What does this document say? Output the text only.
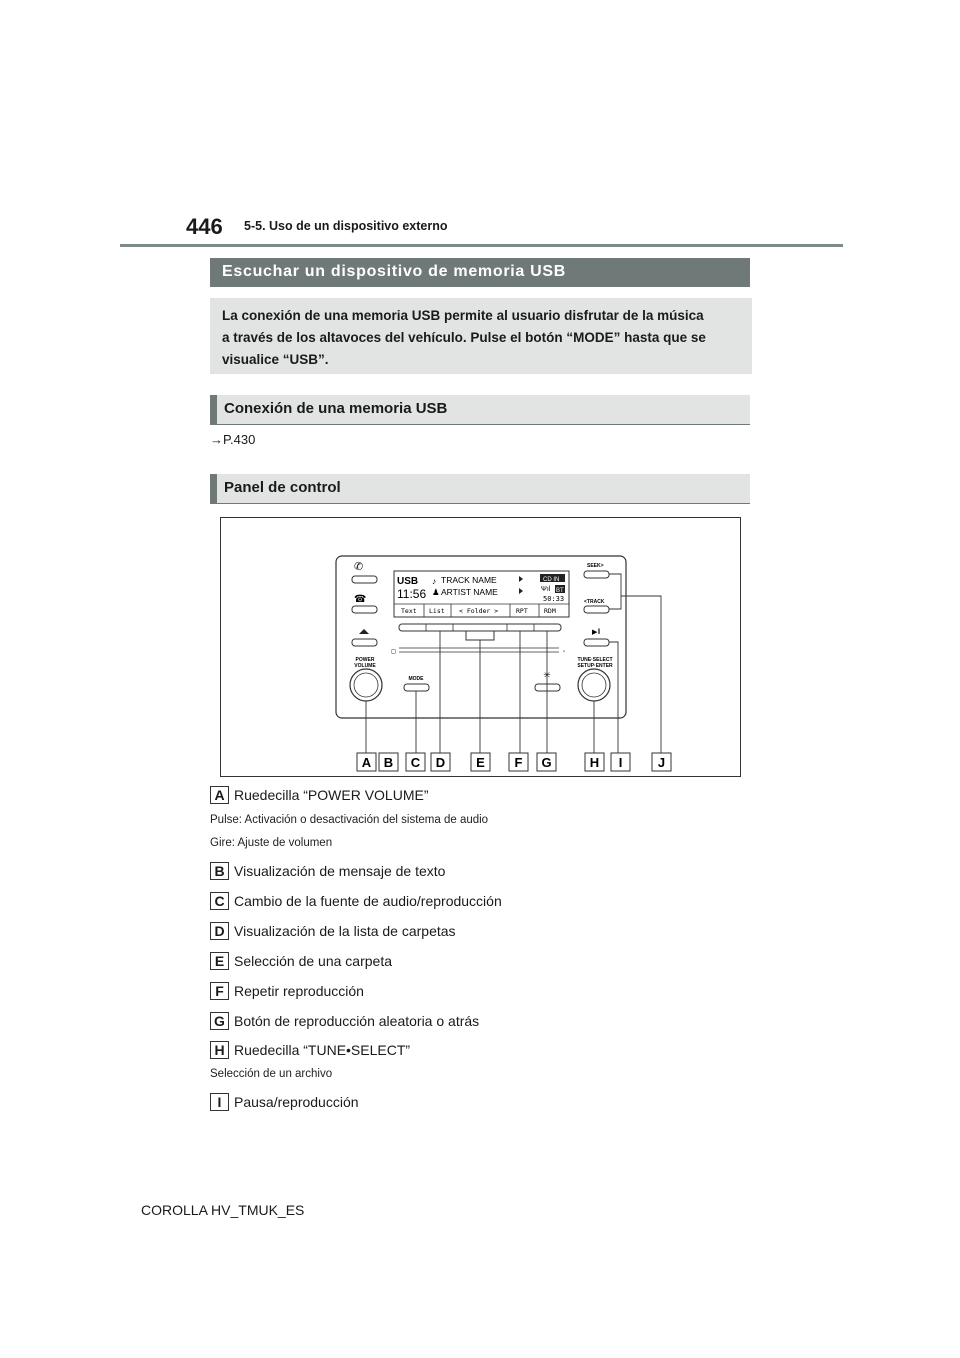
446 5-5. Uso de un dispositivo externo
Escuchar un dispositivo de memoria USB
La conexión de una memoria USB permite al usuario disfrutar de la música
a través de los altavoces del vehículo. Pulse el botón “MODE” hasta que se
visualice “USB”.
Conexión de una memoria USB
→P.430
Panel de control
USB
11:56
♪ TRACK NAME
♟ ARTIST NAME
CD IN
Ψıl BT
50:33
Text List < Folder >	RPT	RDM
✆
☎
POWER
VOLUME
MODE
◻	▫
✳
SEEK>
<TRACK
▶‖
TUNE·SELECT
SETUP·ENTER
A B C D E F G	H I	J
A Ruedecilla “POWER VOLUME”
Pulse: Activación o desactivación del sistema de audio
Gire: Ajuste de volumen
B Visualización de mensaje de texto
C Cambio de la fuente de audio/reproducción
D Visualización de la lista de carpetas
E Selección de una carpeta
F Repetir reproducción
G Botón de reproducción aleatoria o atrás
H Ruedecilla “TUNE•SELECT”
Selección de un archivo
I Pausa/reproducción
COROLLA HV_TMUK_ES
